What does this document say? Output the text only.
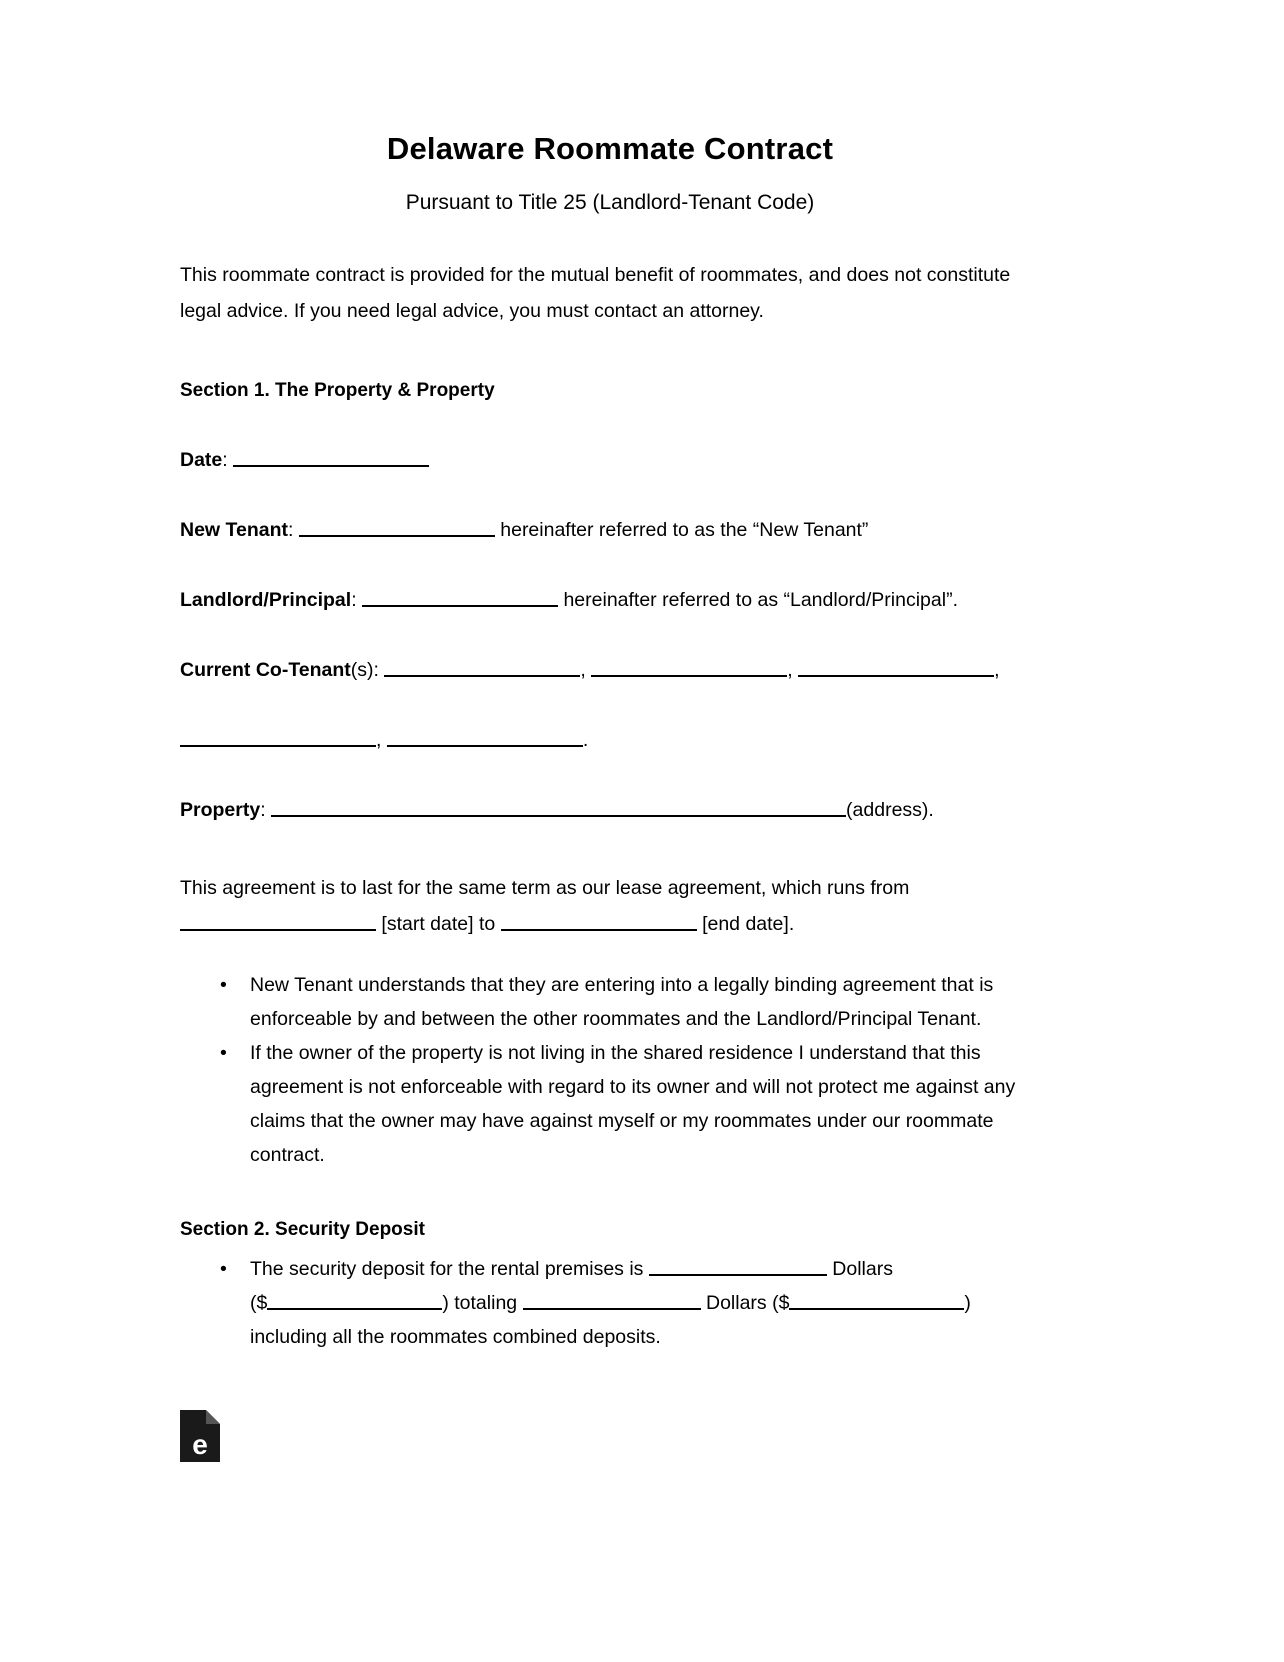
Delaware Roommate Contract
Pursuant to Title 25 (Landlord-Tenant Code)
This roommate contract is provided for the mutual benefit of roommates, and does not constitute legal advice. If you need legal advice, you must contact an attorney.
Section 1. The Property & Property
Date:
New Tenant:	hereinafter referred to as the “New Tenant”
Landlord/Principal:	hereinafter referred to as “Landlord/Principal”.
Current Co-Tenant(s):	,	,	,
,	.
Property:	(address).
This agreement is to last for the same term as our lease agreement, which runs from
[start date] to	[end date].
• New Tenant understands that they are entering into a legally binding agreement that is enforceable by and between the other roommates and the Landlord/Principal Tenant.
• If the owner of the property is not living in the shared residence I understand that this agreement is not enforceable with regard to its owner and will not protect me against any claims that the owner may have against myself or my roommates under our roommate contract.
Section 2. Security Deposit
• The security deposit for the rental premises is	Dollars ($	) totaling	Dollars ($	) including all the roommates combined deposits.
e
